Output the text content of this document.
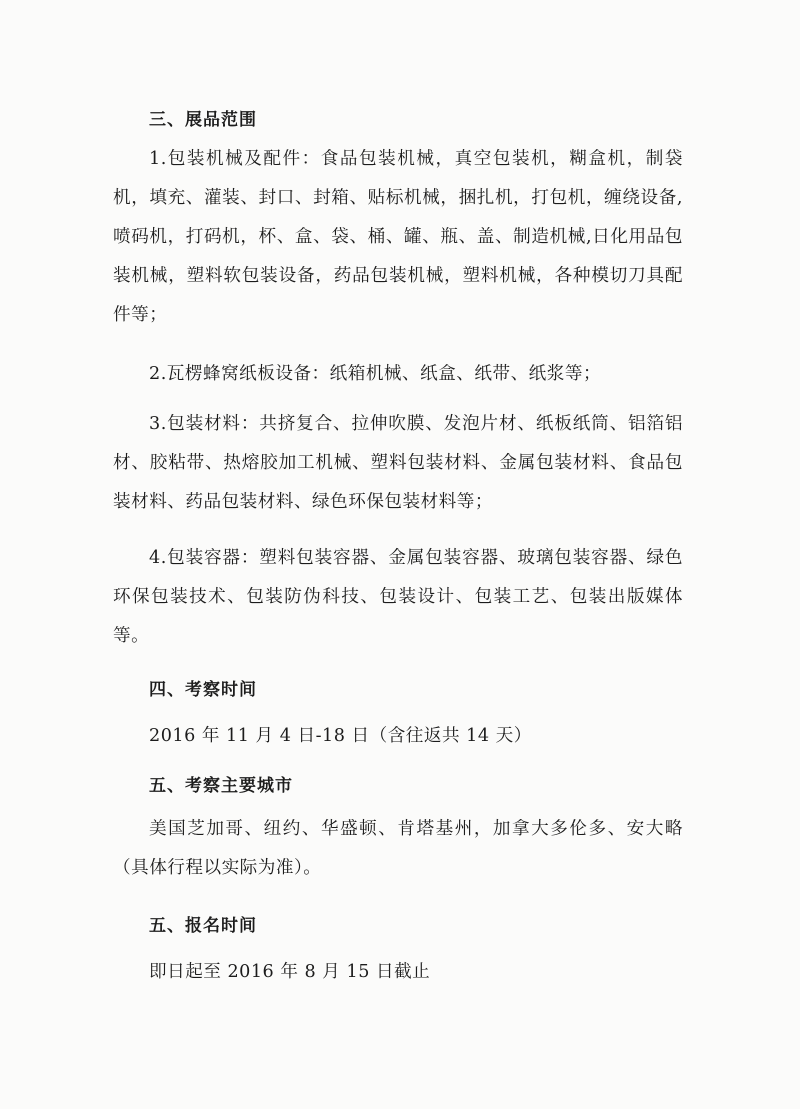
三、展品范围
1.包装机械及配件：食品包装机械，真空包装机，糊盒机，制袋机，填充、灌装、封口、封箱、贴标机械，捆扎机，打包机，缠绕设备,喷码机，打码机，杯、盒、袋、桶、罐、瓶、盖、制造机械,日化用品包装机械，塑料软包装设备，药品包装机械，塑料机械，各种模切刀具配件等；
2.瓦楞蜂窝纸板设备：纸箱机械、纸盒、纸带、纸浆等；
3.包装材料：共挤复合、拉伸吹膜、发泡片材、纸板纸筒、铝箔铝材、胶粘带、热熔胶加工机械、塑料包装材料、金属包装材料、食品包装材料、药品包装材料、绿色环保包装材料等；
4.包装容器：塑料包装容器、金属包装容器、玻璃包装容器、绿色环保包装技术、包装防伪科技、包装设计、包装工艺、包装出版媒体等。
四、考察时间
2016 年 11 月 4 日-18 日（含往返共 14 天）
五、考察主要城市
美国芝加哥、纽约、华盛顿、肯塔基州，加拿大多伦多、安大略（具体行程以实际为准）。
五、报名时间
即日起至 2016 年 8 月 15 日截止
